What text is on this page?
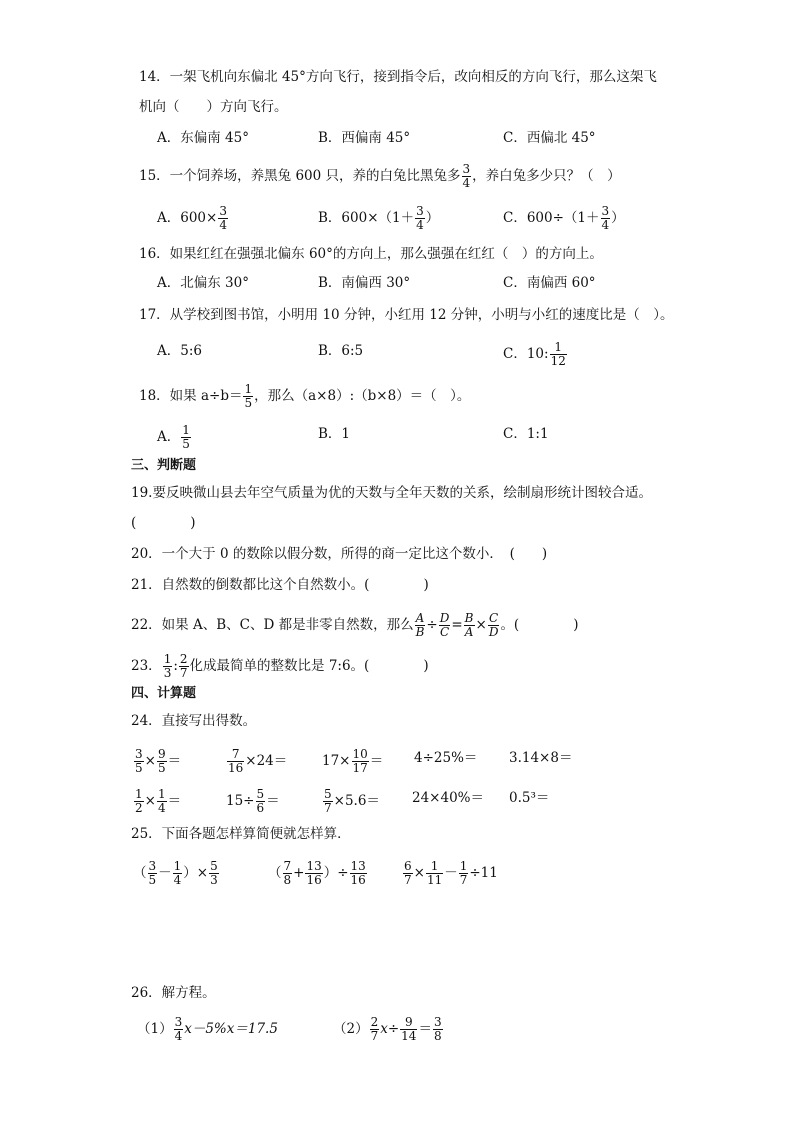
14．一架飞机向东偏北 45°方向飞行，接到指令后，改向相反的方向飞行，那么这架飞
机向（　　）方向飞行。
A．东偏南 45°	B．西偏南 45°	C．西偏北 45°
15．一个饲养场，养黑兔 600 只，养的白兔比黑兔多 $\frac{3}{4}$ ，养白兔多少只？（　）
A．$600\times \frac{3}{4}$	B．$600\times(1+ \frac{3}{4}$ ）	C．$600\div(1+ \frac{3}{4}$ ）
16．如果红红在强强北偏东 60°的方向上，那么强强在红红（　）的方向上。
A．北偏东 30°	B．南偏西 30°	C．南偏西 60°
17．从学校到图书馆，小明用 10 分钟，小红用 12 分钟，小明与小红的速度比是（　）。
A．5:6	B．6:5	C．10: $\frac{1}{12}$
18．如果 $a\div b= \frac{1}{5}$ ，那么（a×8）:（b×8）＝（　）。
A． $\frac{1}{5}$	B．1	C．1:1
三、判断题
19.要反映微山县去年空气质量为优的天数与全年天数的关系，绘制扇形统计图较合适。
(　　　　)
20．一个大于 0 的数除以假分数，所得的商一定比这个数小．　(　　)
21．自然数的倒数都比这个自然数小。(　　　　)
22．如果 A、B、C、D 都是非零自然数，那么 $\frac{A}{B} \div \frac{D}{C} = \frac{B}{A} \times \frac{C}{D}$ 。(　　　　)
23． $\frac{1}{3}$ : $\frac{2}{7}$ 化成最简单的整数比是 7:6。(　　　　)
四、计算题
24．直接写出得数。
$\frac{3}{5} \times \frac{9}{5}$ ＝	$\frac{7}{16} \times 24=$	$17\times \frac{10}{17} = 4\div 25\%= 3.14\times 8=$
$\frac{1}{2} \times \frac{1}{4}$ ＝	$15\div \frac{5}{6}$ ＝	$\frac{5}{7} \times 5.6= 24\times 40\%= 0.5^3=$
25．下面各题怎样算简便就怎样算．
（ $\frac{3}{5} - \frac{1}{4}$ ）× $\frac{5}{3}$	（ $\frac{7}{8} + \frac{13}{16}$ ）÷ $\frac{13}{16}$	$\frac{6}{7} \times \frac{1}{11} - \frac{1}{7} \div 11$
26．解方程。
$(1) \frac{3}{4} x-5\%x=17.5$	$(2) \frac{2}{7} x\div \frac{9}{14} = \frac{3}{8}$
